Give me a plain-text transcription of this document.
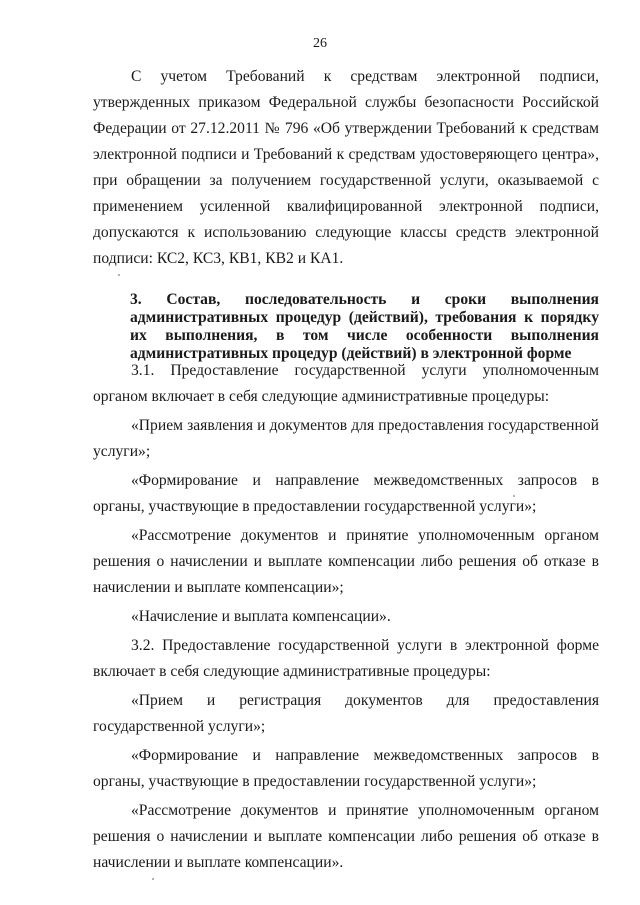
26

С учетом Требований к средствам электронной подписи, утвержденных приказом Федеральной службы безопасности Российской Федерации от 27.12.2011 № 796 «Об утверждении Требований к средствам электронной подписи и Требований к средствам удостоверяющего центра», при обращении за получением государственной услуги, оказываемой с применением усиленной квалифицированной электронной подписи, допускаются к использованию следующие классы средств электронной подписи: КС2, КС3, КВ1, КВ2 и КА1.

3. Состав, последовательность и сроки выполнения административных процедур (действий), требования к порядку их выполнения, в том числе особенности выполнения административных процедур (действий) в электронной форме

3.1. Предоставление государственной услуги уполномоченным органом включает в себя следующие административные процедуры:

«Прием заявления и документов для предоставления государственной услуги»;

«Формирование и направление межведомственных запросов в органы, участвующие в предоставлении государственной услуги»;

«Рассмотрение документов и принятие уполномоченным органом решения о начислении и выплате компенсации либо решения об отказе в начислении и выплате компенсации»;

«Начисление и выплата компенсации».

3.2. Предоставление государственной услуги в электронной форме включает в себя следующие административные процедуры:

«Прием и регистрация документов для предоставления государственной услуги»;

«Формирование и направление межведомственных запросов в органы, участвующие в предоставлении государственной услуги»;

«Рассмотрение документов и принятие уполномоченным органом решения о начислении и выплате компенсации либо решения об отказе в начислении и выплате компенсации».
